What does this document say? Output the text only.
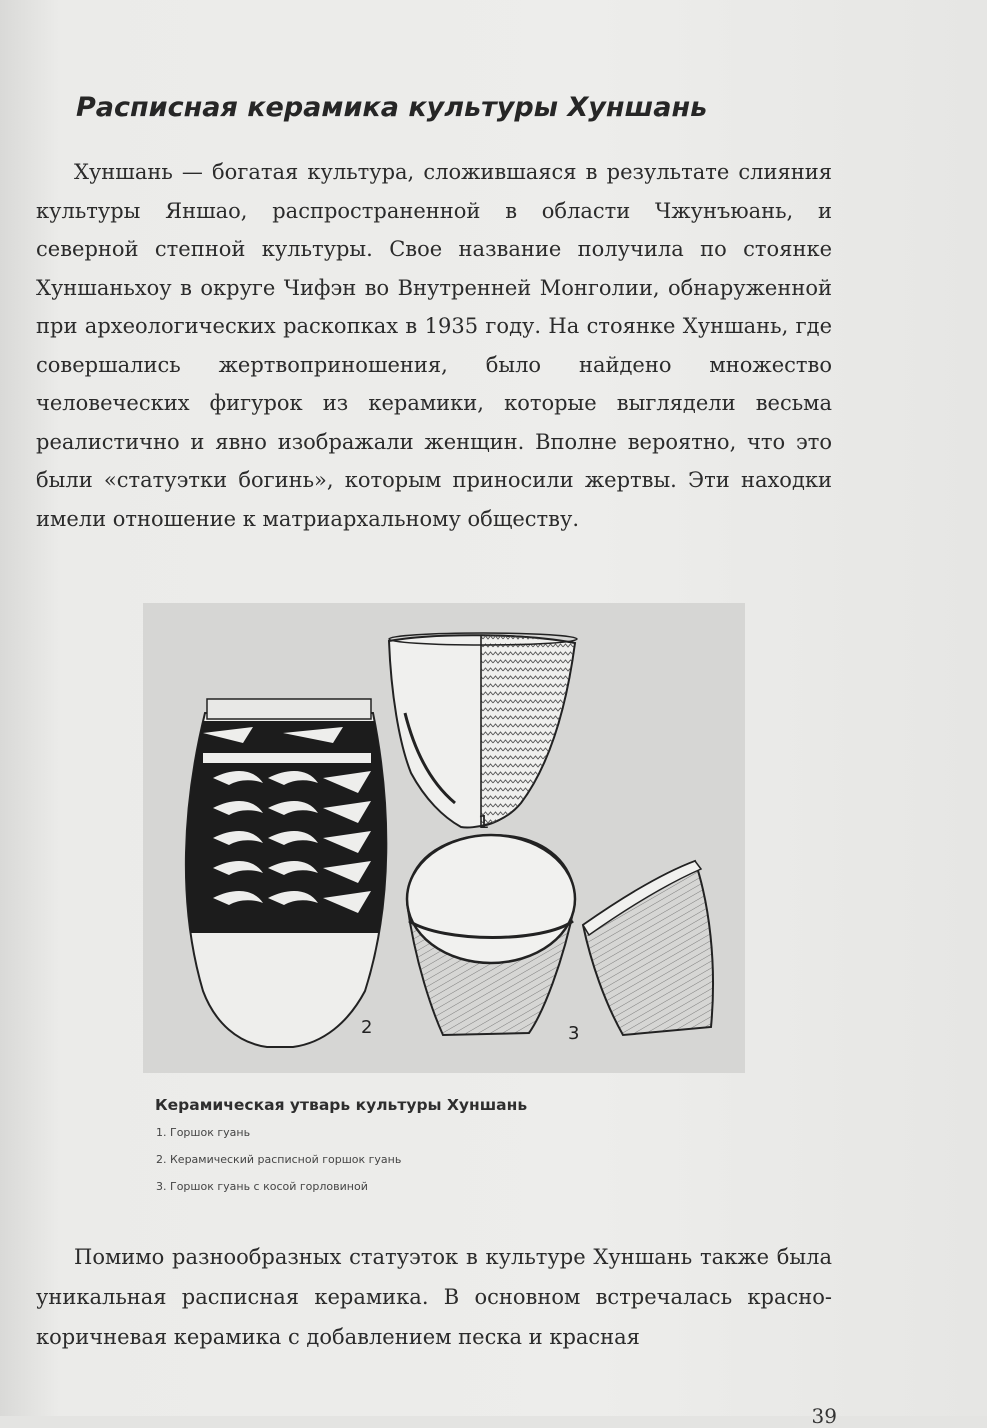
Расписная керамика культуры Хуншань

Хуншань — богатая культура, сложившаяся в результате слияния культуры Яншао, распространенной в области Чжунъюань, и северной степной культуры. Свое название получила по стоянке Хуншаньхоу в округе Чифэн во Внутренней Монголии, обнаруженной при археологических раскопках в 1935 году. На стоянке Хуншань, где совершались жертвоприношения, было найдено множество человеческих фигурок из керамики, которые выглядели весьма реалистично и явно изображали женщин. Вполне вероятно, что это были «статуэтки богинь», которым приносили жертвы. Эти находки имели отношение к матриархальному обществу.

1
2	3

Керамическая утварь культуры Хуншань

1. Горшок гуань

2. Керамический расписной горшок гуань

3. Горшок гуань с косой горловиной

Помимо разнообразных статуэток в культуре Хуншань также была уникальная расписная керамика. В основном встречалась красно-коричневая керамика с добавлением песка и красная

39
